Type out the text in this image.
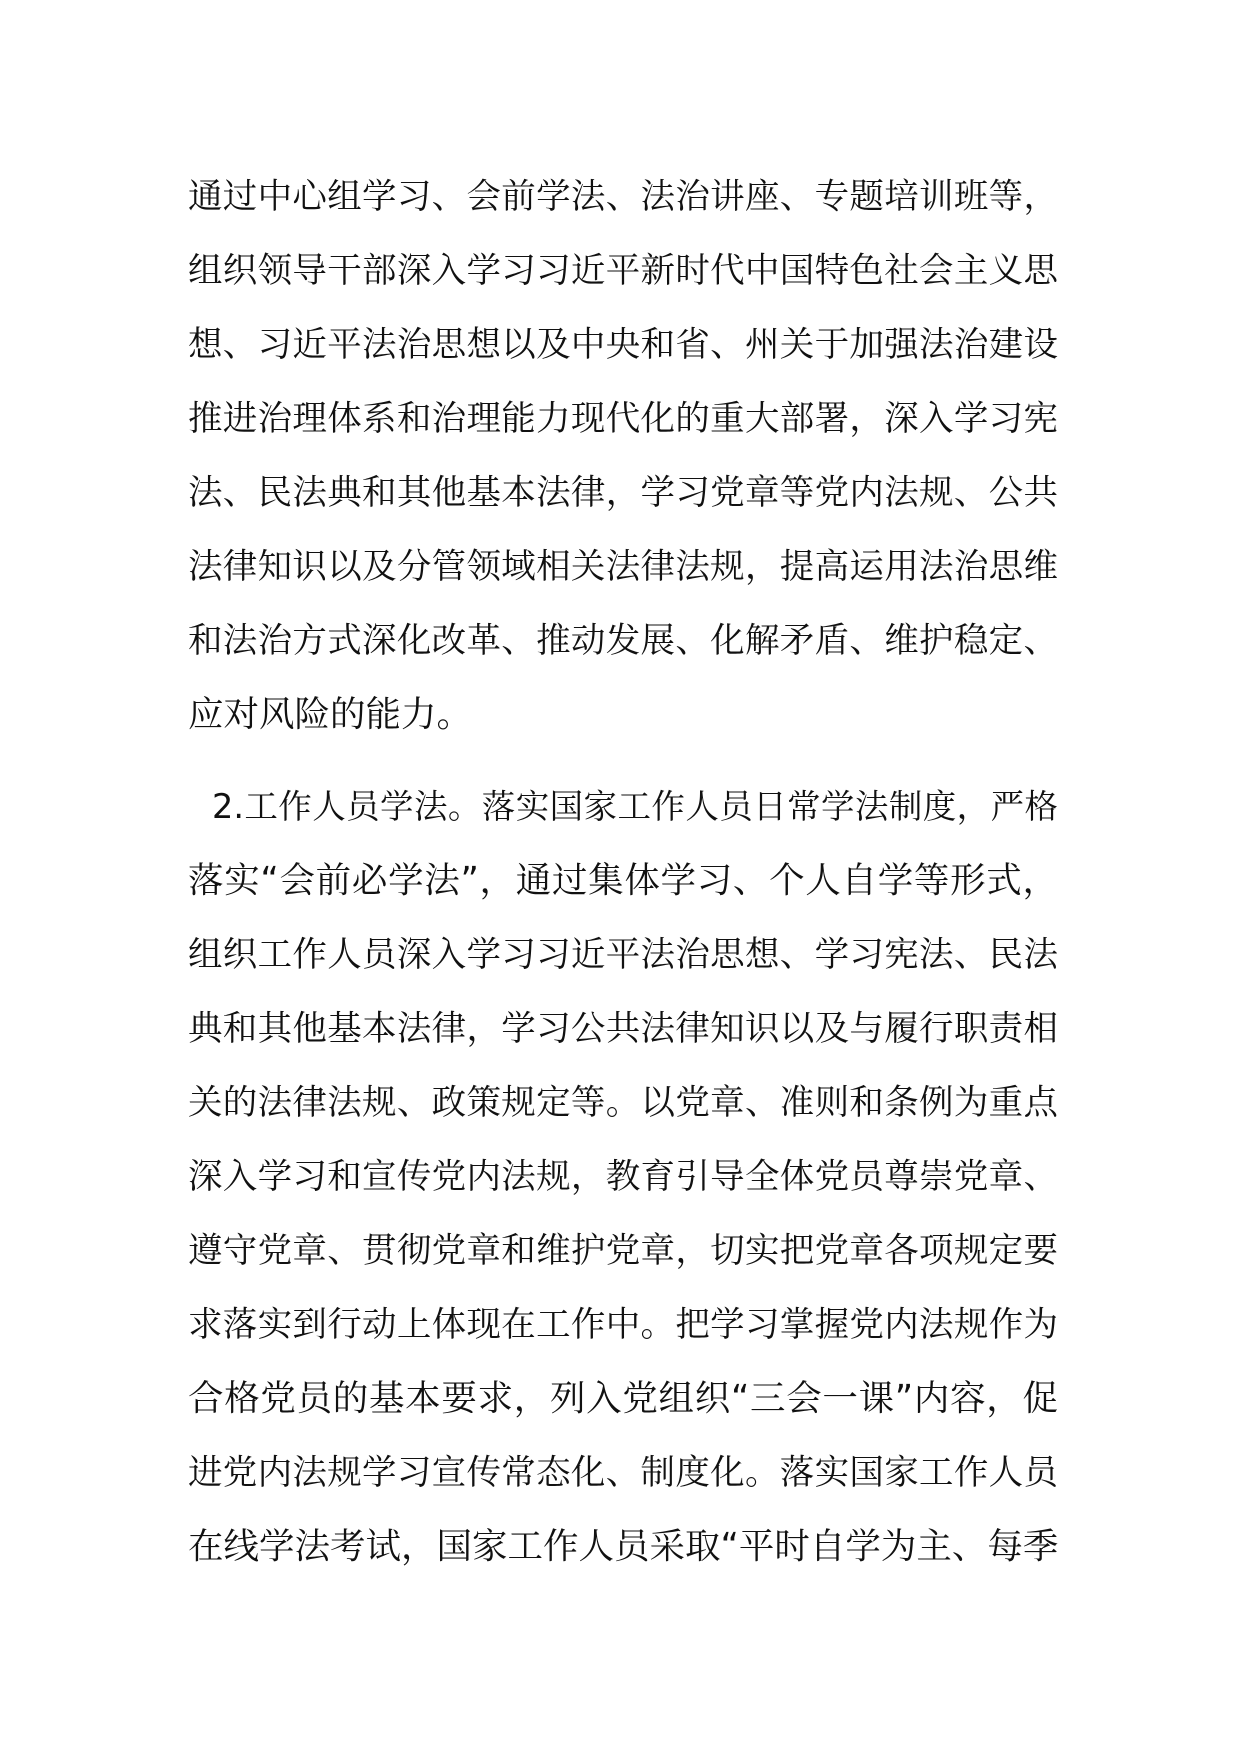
通过中心组学习、会前学法、法治讲座、专题培训班等，
组织领导干部深入学习习近平新时代中国特色社会主义思
想、习近平法治思想以及中央和省、州关于加强法治建设
推进治理体系和治理能力现代化的重大部署，深入学习宪
法、民法典和其他基本法律，学习党章等党内法规、公共
法律知识以及分管领域相关法律法规，提高运用法治思维
和法治方式深化改革、推动发展、化解矛盾、维护稳定、
应对风险的能力。
2.工作人员学法。落实国家工作人员日常学法制度，严格
落实“会前必学法”，通过集体学习、个人自学等形式，
组织工作人员深入学习习近平法治思想、学习宪法、民法
典和其他基本法律，学习公共法律知识以及与履行职责相
关的法律法规、政策规定等。以党章、准则和条例为重点
深入学习和宣传党内法规，教育引导全体党员尊崇党章、
遵守党章、贯彻党章和维护党章，切实把党章各项规定要
求落实到行动上体现在工作中。把学习掌握党内法规作为
合格党员的基本要求，列入党组织“三会一课”内容，促
进党内法规学习宣传常态化、制度化。落实国家工作人员
在线学法考试，国家工作人员采取“平时自学为主、每季
